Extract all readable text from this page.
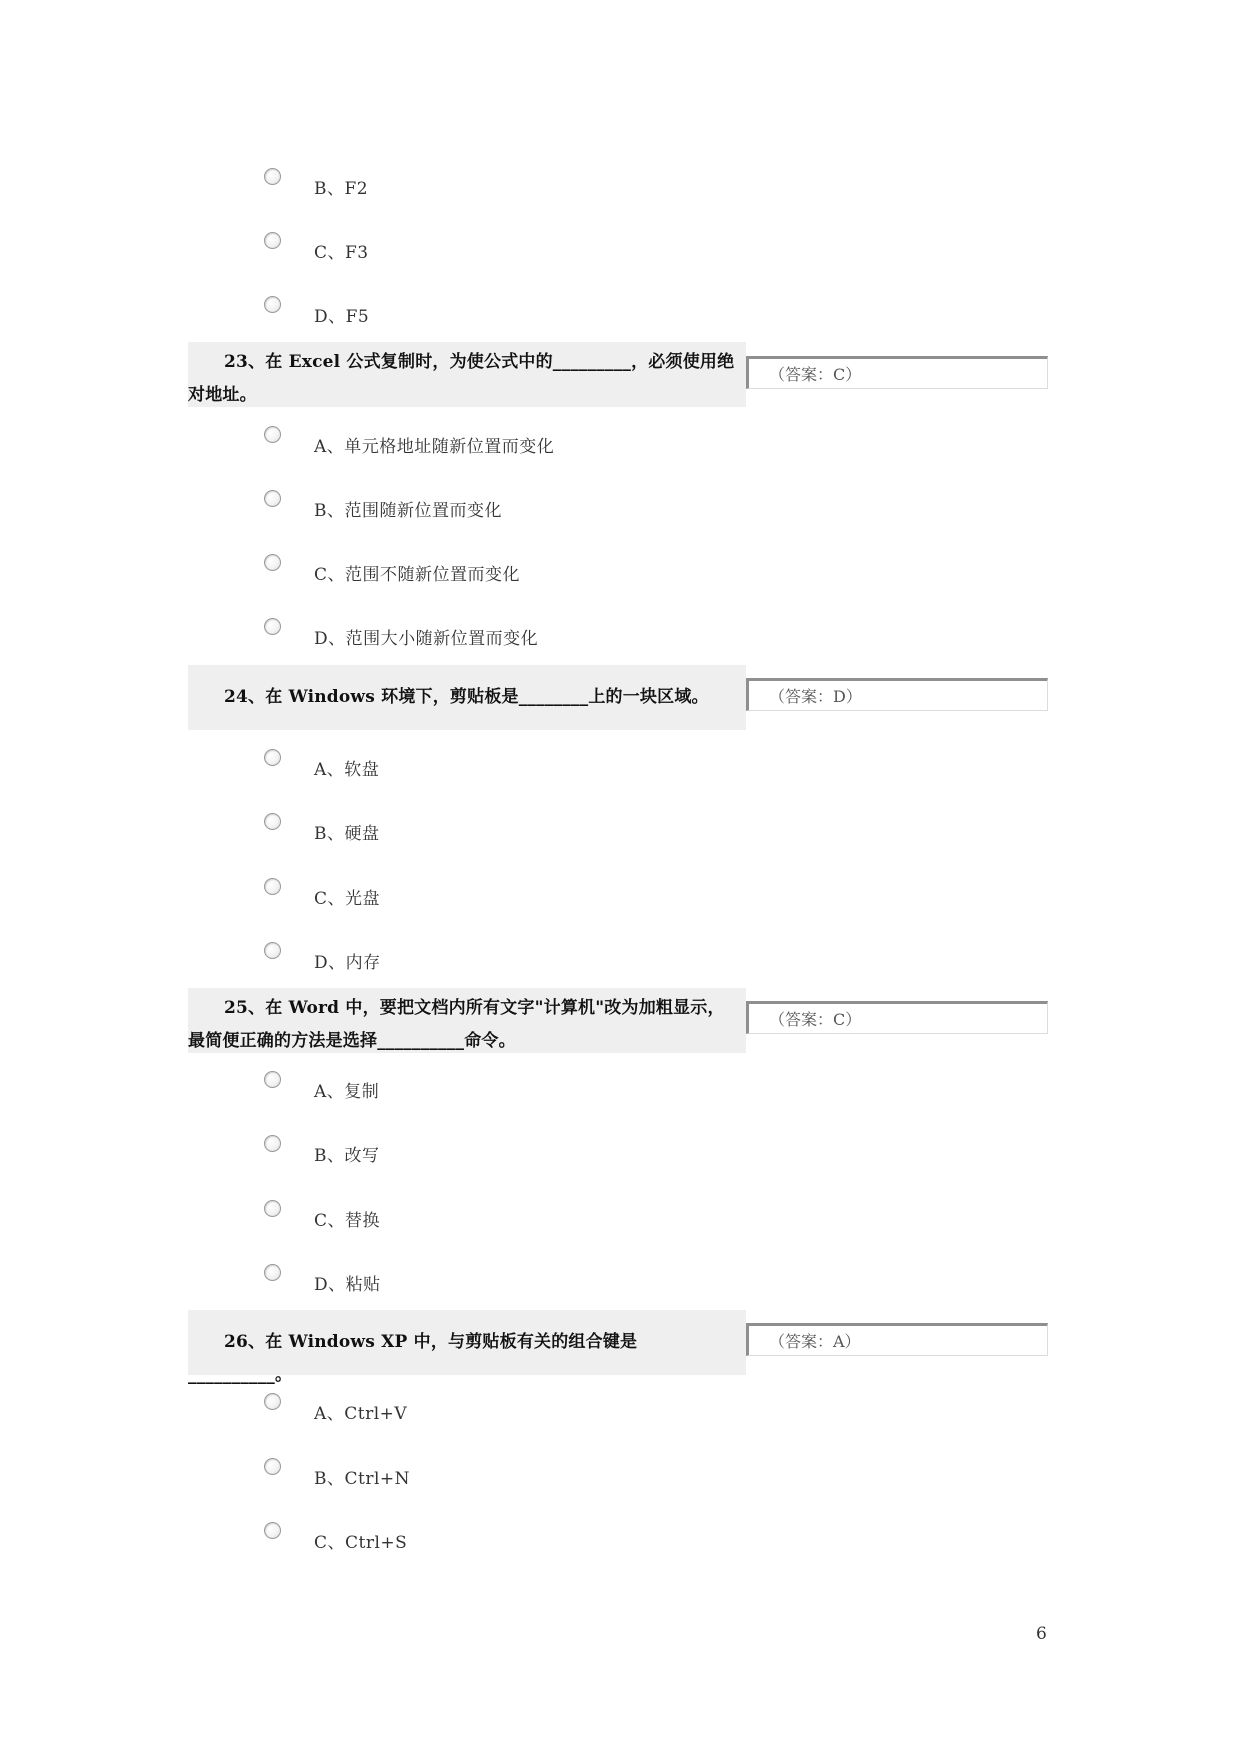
B、F2
C、F3
D、F5
23、在 Excel 公式复制时，为使公式中的_________，必须使用绝对地址。
（答案：C）
A、单元格地址随新位置而变化
B、范围随新位置而变化
C、范围不随新位置而变化
D、范围大小随新位置而变化
24、在 Windows 环境下，剪贴板是________上的一块区域。	（答案：D）
A、软盘
B、硬盘
C、光盘
D、内存
25、在 Word 中，要把文档内所有文字"计算机"改为加粗显示，最简便正确的方法是选择__________命令。
（答案：C）
A、复制
B、改写
C、替换
D、粘贴
26、在 Windows XP 中，与剪贴板有关的组合键是__________。
（答案：A）
A、Ctrl+V
B、Ctrl+N
C、Ctrl+S
6
